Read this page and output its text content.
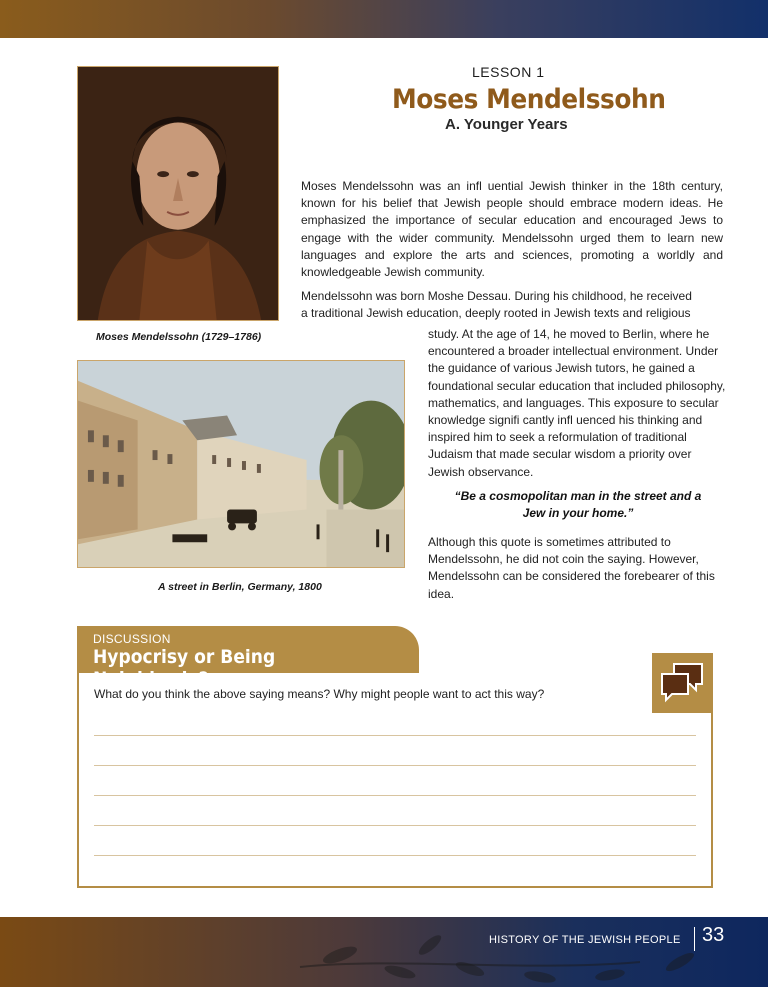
Moses Mendelssohn (1729–1786)
A street in Berlin, Germany, 1800
LESSON 1
Moses Mendelssohn
A. Younger Years

Moses Mendelssohn was an infl uential Jewish thinker in the 18th century, known for his belief that Jewish people should embrace modern ideas. He emphasized the importance of secular education and encouraged Jews to engage with the wider community. Mendelssohn urged them to learn new languages and explore the arts and sciences, promoting a worldly and knowledgeable Jewish community.

Mendelssohn was born Moshe Dessau. During his childhood, he received
a traditional Jewish education, deeply rooted in Jewish texts and religious

study. At the age of 14, he moved to Berlin, where he encountered a broader intellectual environment. Under the guidance of various Jewish tutors, he gained a foundational secular education that included philosophy, mathematics, and languages. This exposure to secular knowledge signifi cantly infl uenced his thinking and inspired him to seek a reformulation of traditional Judaism that made secular wisdom a priority over Jewish observance.

“Be a cosmopolitan man in the street and a
Jew in your home.”

Although this quote is sometimes attributed to Mendelssohn, he did not coin the saying. However, Mendelssohn can be considered the forebearer of this idea.

DISCUSSION
Hypocrisy or Being Neighborly?
What do you think the above saying means? Why might people want to act this way?
HISTORY OF THE JEWISH PEOPLE 33
